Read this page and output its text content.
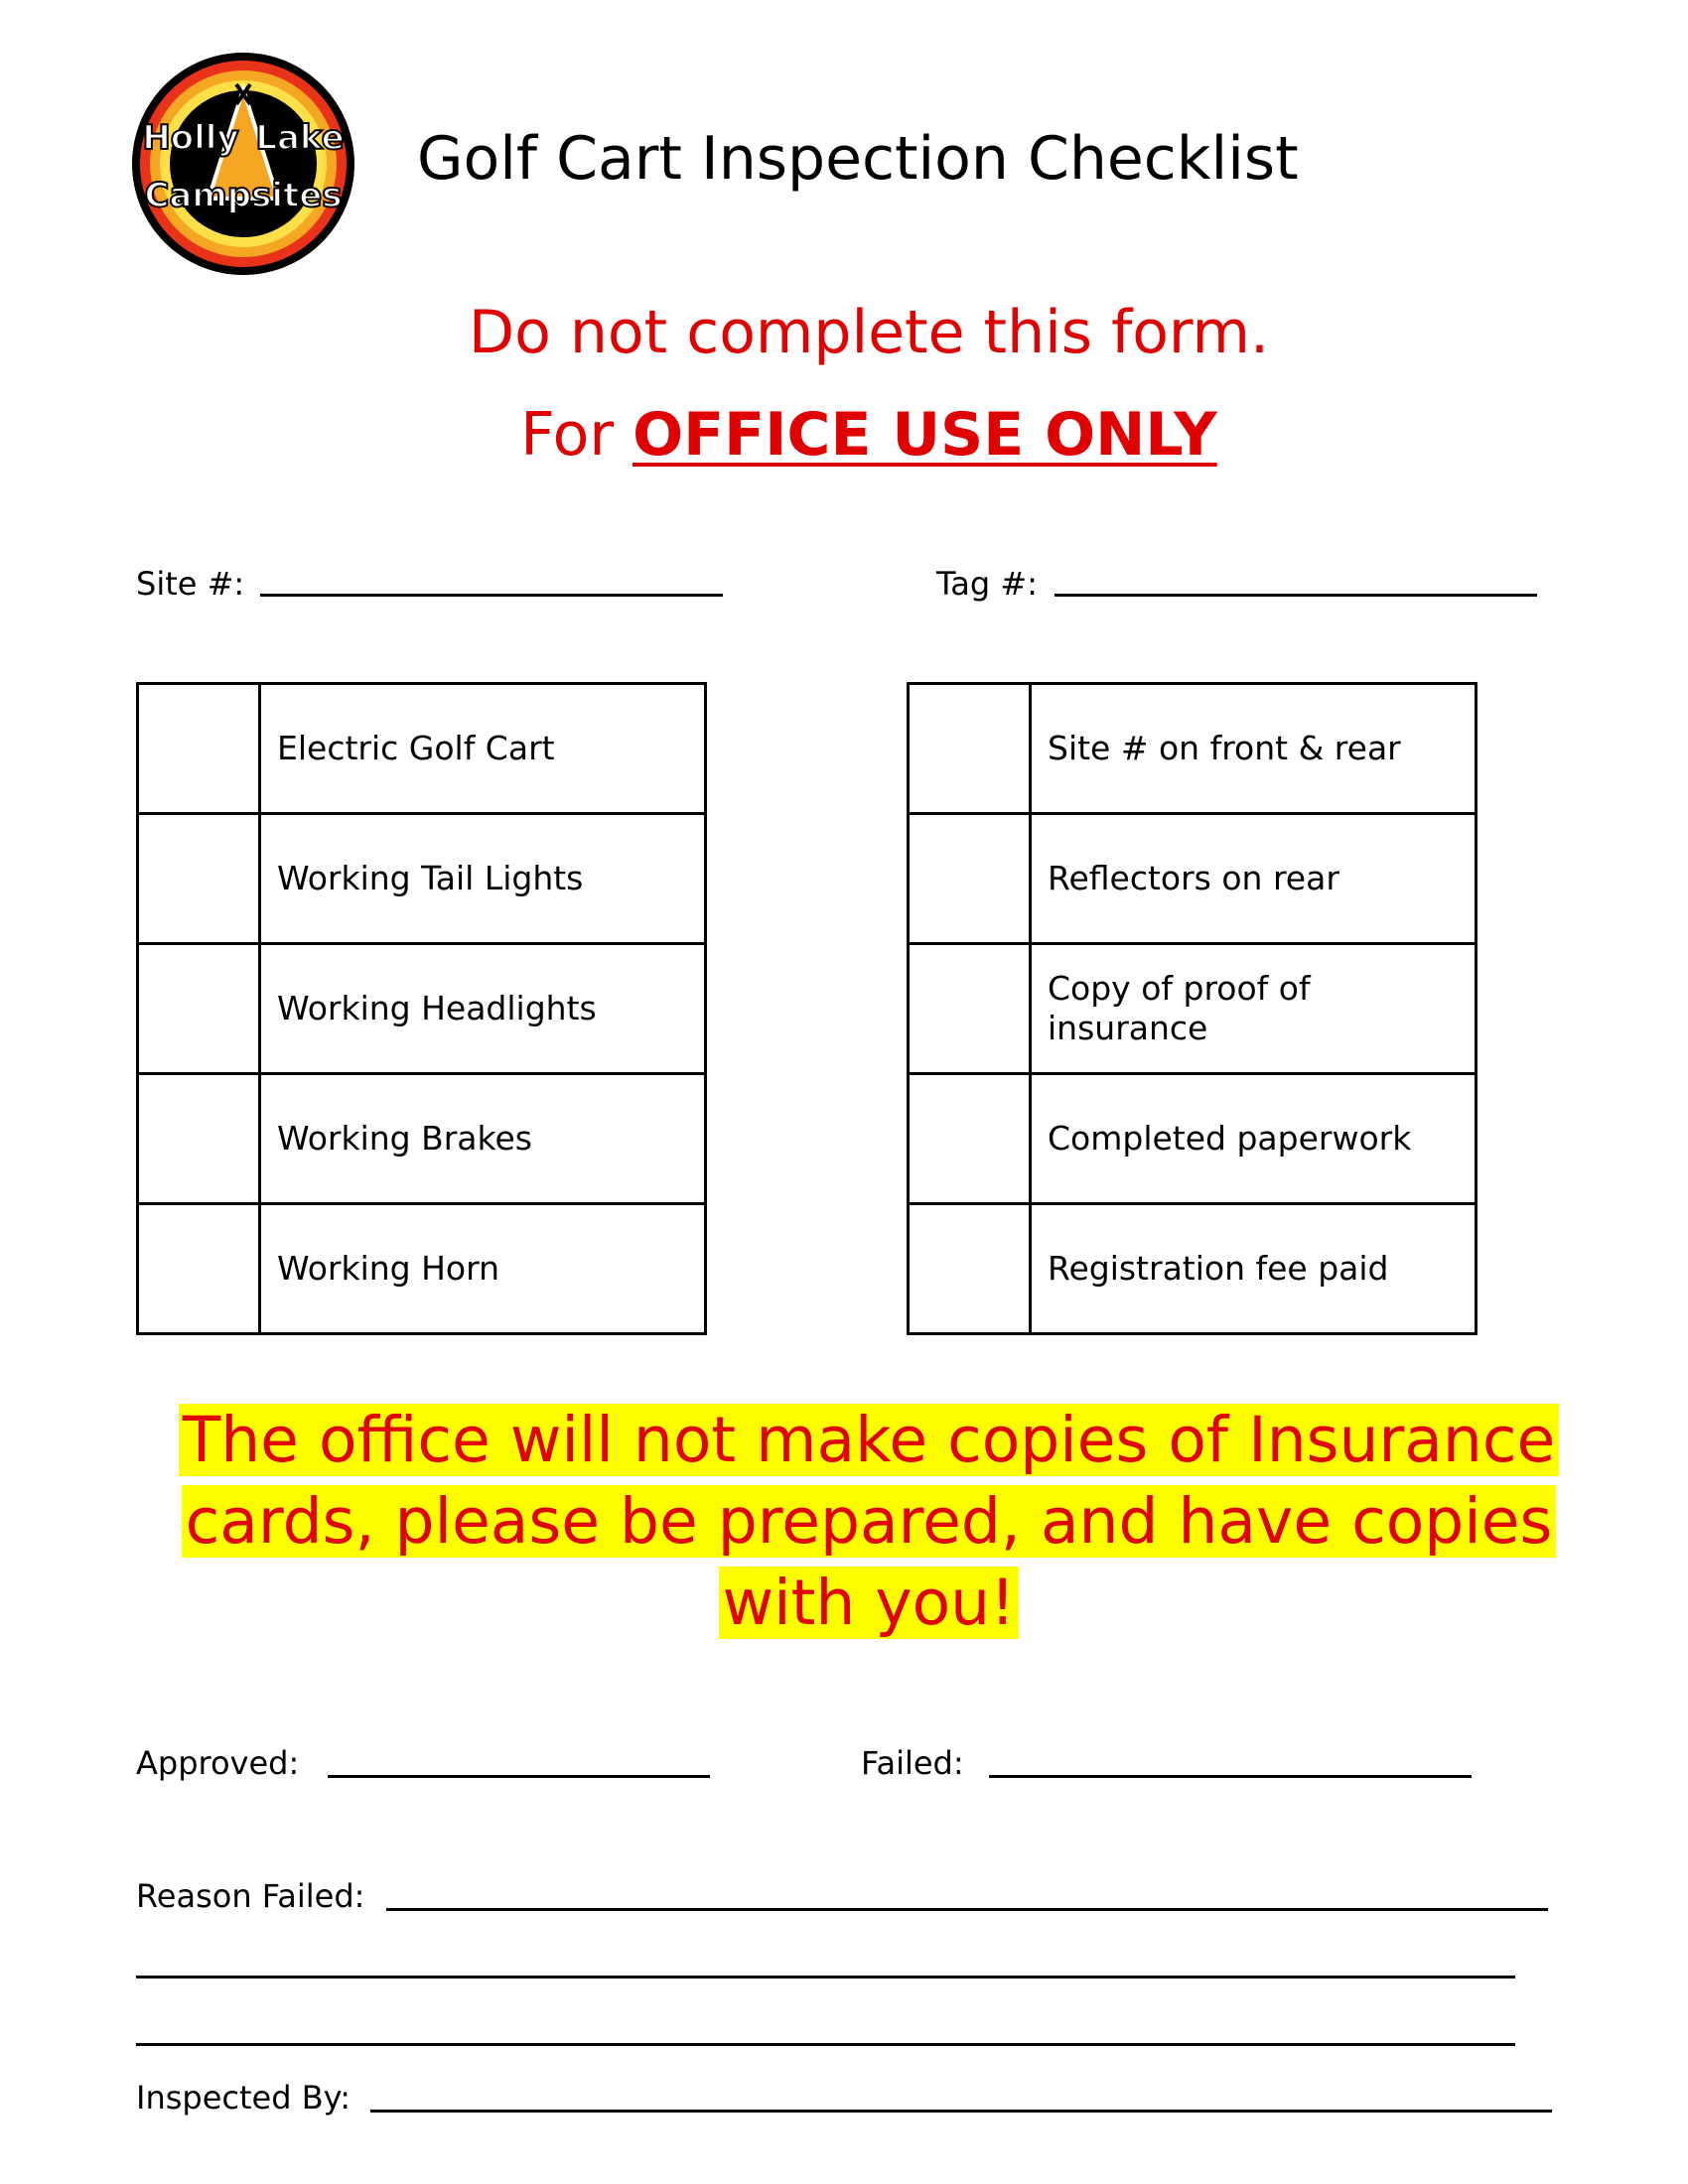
Holly Lake
Campsites
Golf Cart Inspection Checklist
Do not complete this form.
For OFFICE USE ONLY
Site #:	Tag #:
	Electric Golf Cart
	Working Tail Lights
	Working Headlights
	Working Brakes
	Working Horn
	Site # on front & rear
	Reflectors on rear
	Copy of proof of insurance
	Completed paperwork
	Registration fee paid
The office will not make copies of Insurance cards, please be prepared, and have copies with you!
Approved:	Failed:
Reason Failed:
Inspected By:
